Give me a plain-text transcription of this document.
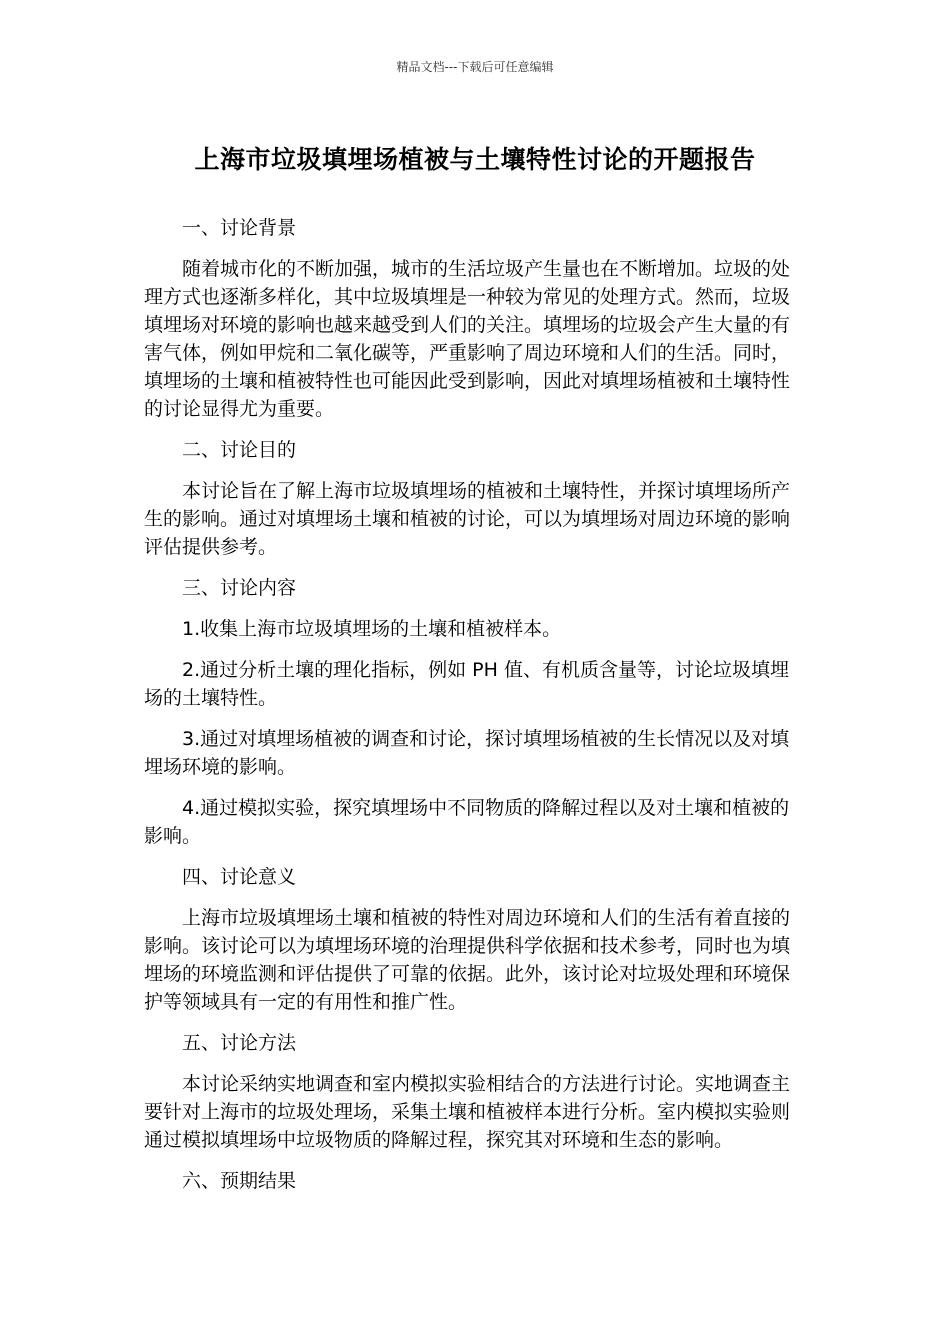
精品文档---下载后可任意编辑
上海市垃圾填埋场植被与土壤特性讨论的开题报告

一、讨论背景

随着城市化的不断加强，城市的生活垃圾产生量也在不断增加。垃圾的处理方式也逐渐多样化，其中垃圾填埋是一种较为常见的处理方式。然而，垃圾填埋场对环境的影响也越来越受到人们的关注。填埋场的垃圾会产生大量的有害气体，例如甲烷和二氧化碳等，严重影响了周边环境和人们的生活。同时，填埋场的土壤和植被特性也可能因此受到影响，因此对填埋场植被和土壤特性的讨论显得尤为重要。

二、讨论目的

本讨论旨在了解上海市垃圾填埋场的植被和土壤特性，并探讨填埋场所产生的影响。通过对填埋场土壤和植被的讨论，可以为填埋场对周边环境的影响评估提供参考。

三、讨论内容

1.收集上海市垃圾填埋场的土壤和植被样本。

2.通过分析土壤的理化指标，例如 PH 值、有机质含量等，讨论垃圾填埋场的土壤特性。

3.通过对填埋场植被的调查和讨论，探讨填埋场植被的生长情况以及对填埋场环境的影响。

4.通过模拟实验，探究填埋场中不同物质的降解过程以及对土壤和植被的影响。

四、讨论意义

上海市垃圾填埋场土壤和植被的特性对周边环境和人们的生活有着直接的影响。该讨论可以为填埋场环境的治理提供科学依据和技术参考，同时也为填埋场的环境监测和评估提供了可靠的依据。此外，该讨论对垃圾处理和环境保护等领域具有一定的有用性和推广性。

五、讨论方法

本讨论采纳实地调查和室内模拟实验相结合的方法进行讨论。实地调查主要针对上海市的垃圾处理场，采集土壤和植被样本进行分析。室内模拟实验则通过模拟填埋场中垃圾物质的降解过程，探究其对环境和生态的影响。

六、预期结果
